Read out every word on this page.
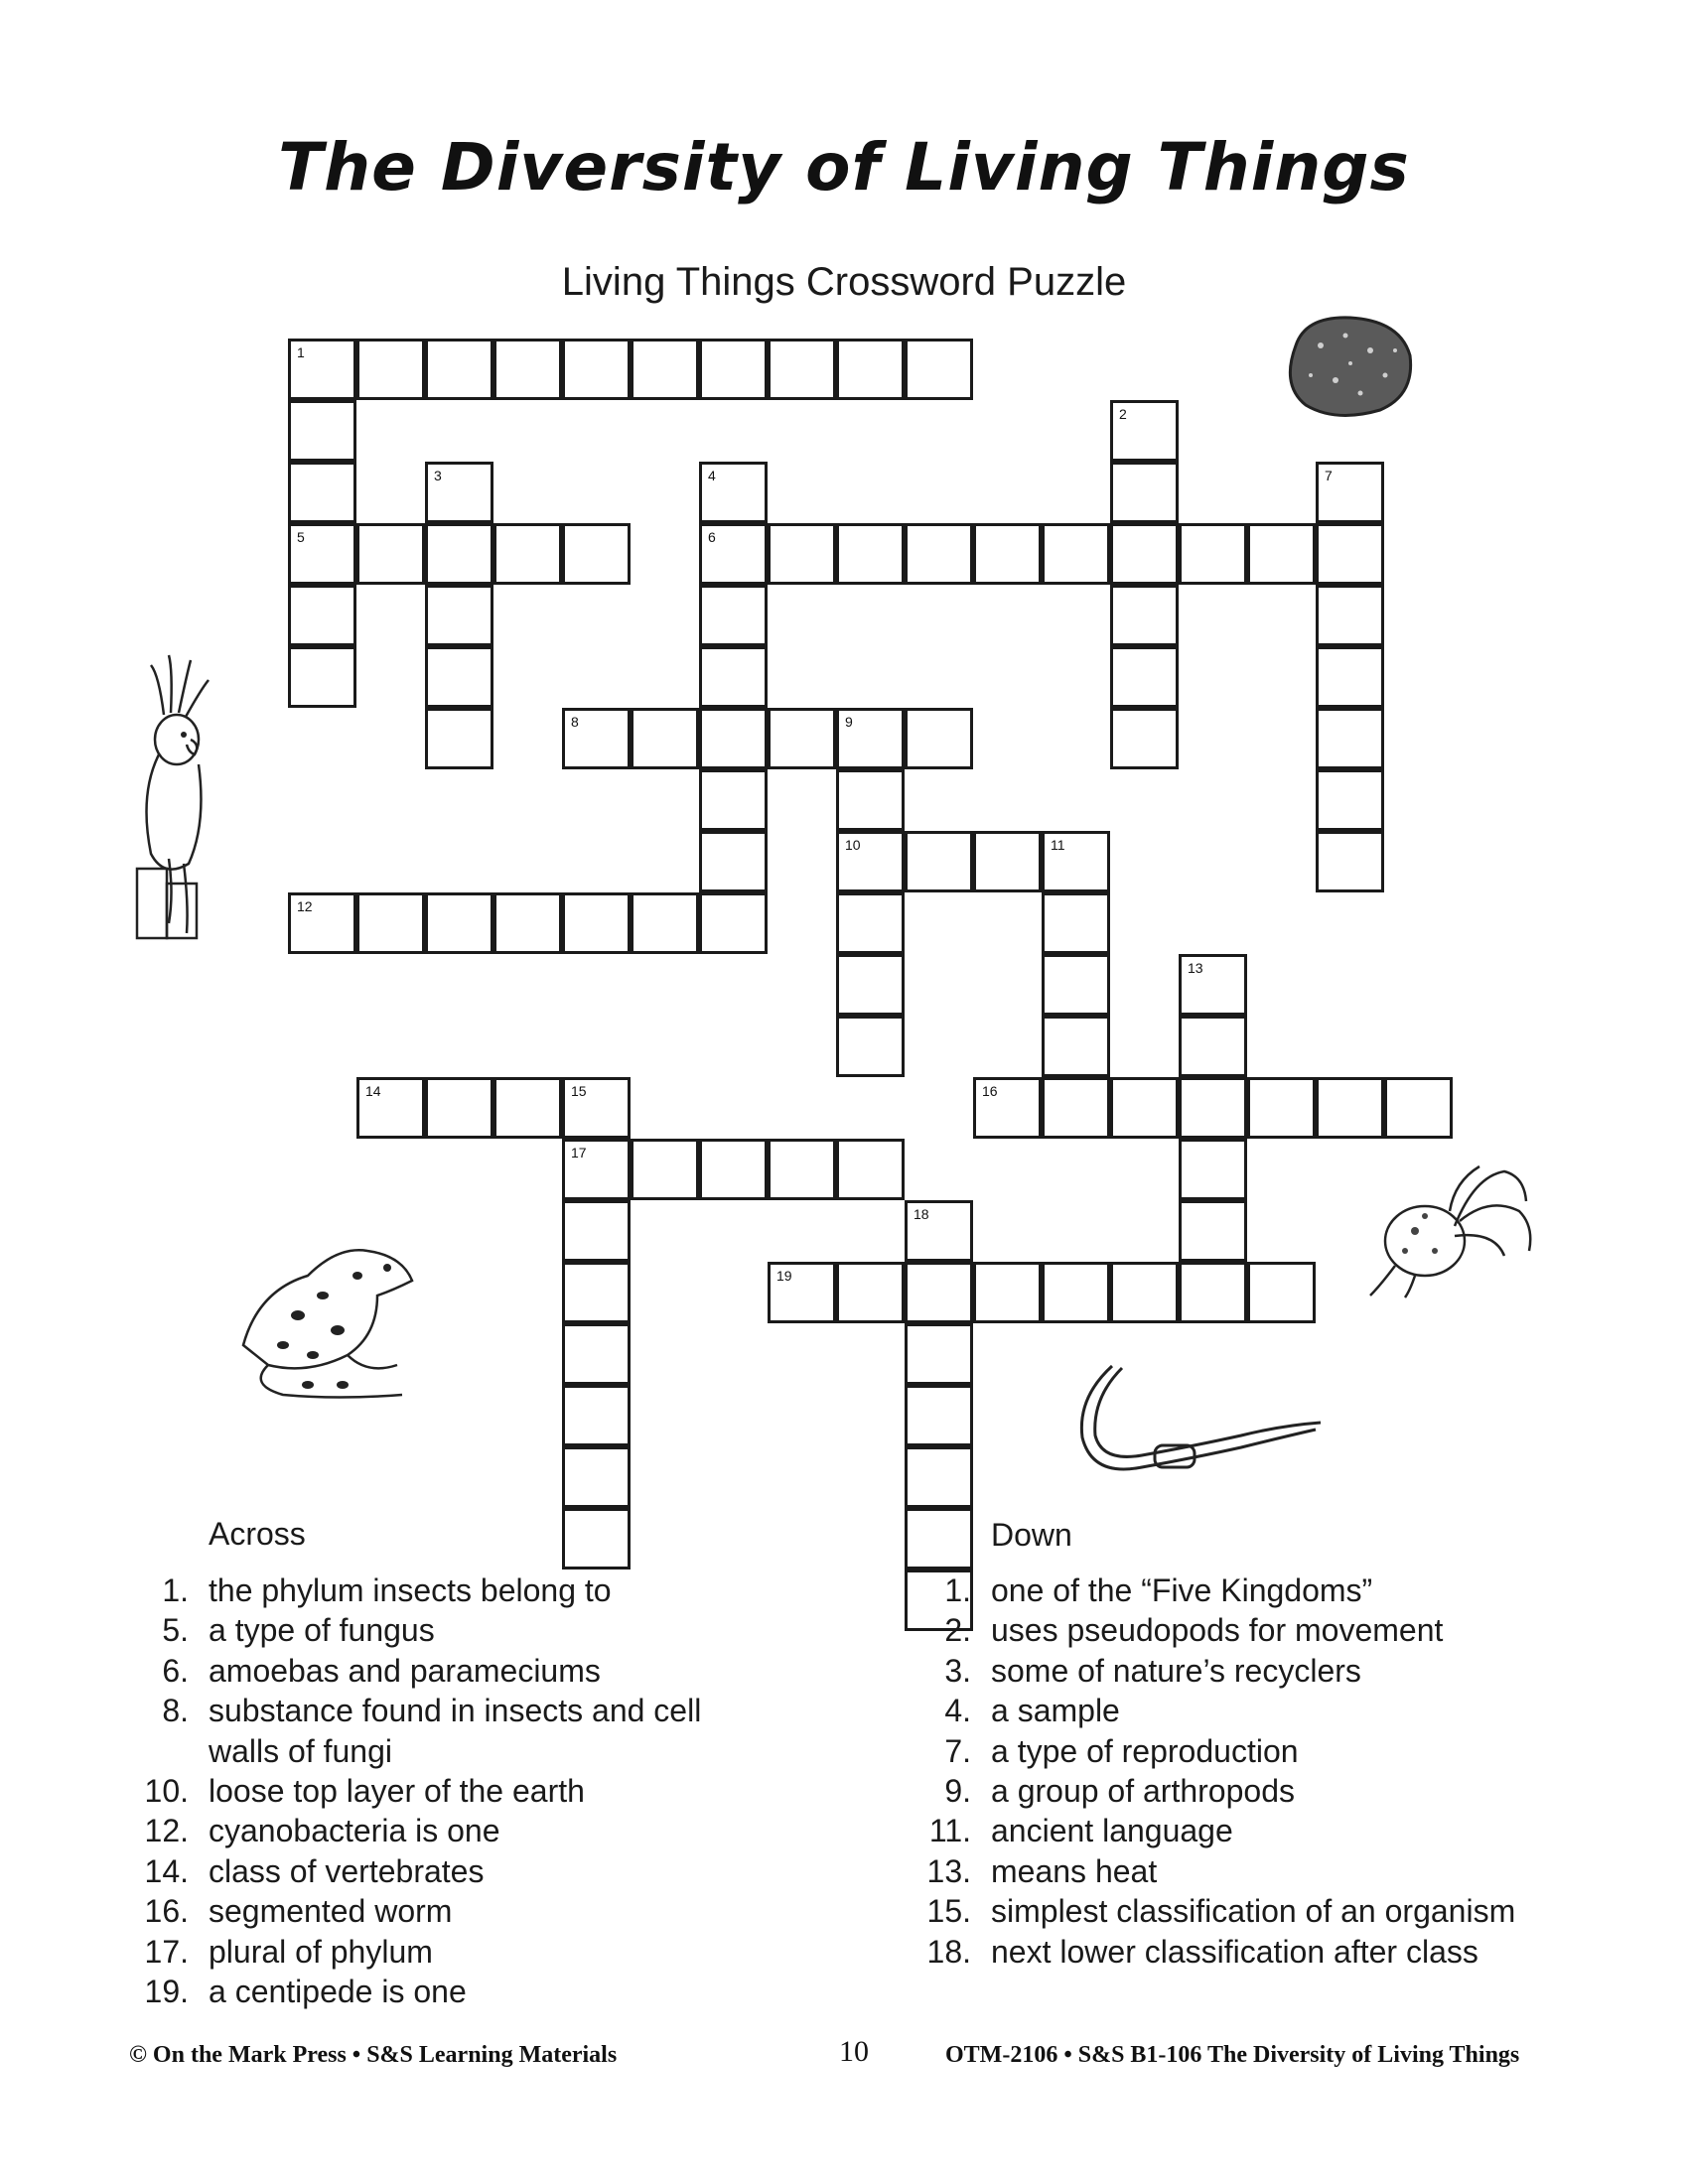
The Diversity of Living Things
Living Things Crossword Puzzle
1
5	6
8	9
10	11
12
14	15	16
17
19
2
3	4	7
13
18
Across	Down
1. the phylum insects belong to
5. a type of fungus
6. amoebas and parameciums
8. substance found in insects and cell
walls of fungi
10. loose top layer of the earth
12. cyanobacteria is one
14. class of vertebrates
16. segmented worm
17. plural of phylum
19. a centipede is one
1. one of the “Five Kingdoms”
2. uses pseudopods for movement
3. some of nature’s recyclers
4. a sample
7. a type of reproduction
9. a group of arthropods
11. ancient language
13. means heat
15. simplest classification of an organism
18. next lower classification after class
© On the Mark Press • S&S Learning Materials	10	OTM-2106 • S&S B1-106 The Diversity of Living Things
